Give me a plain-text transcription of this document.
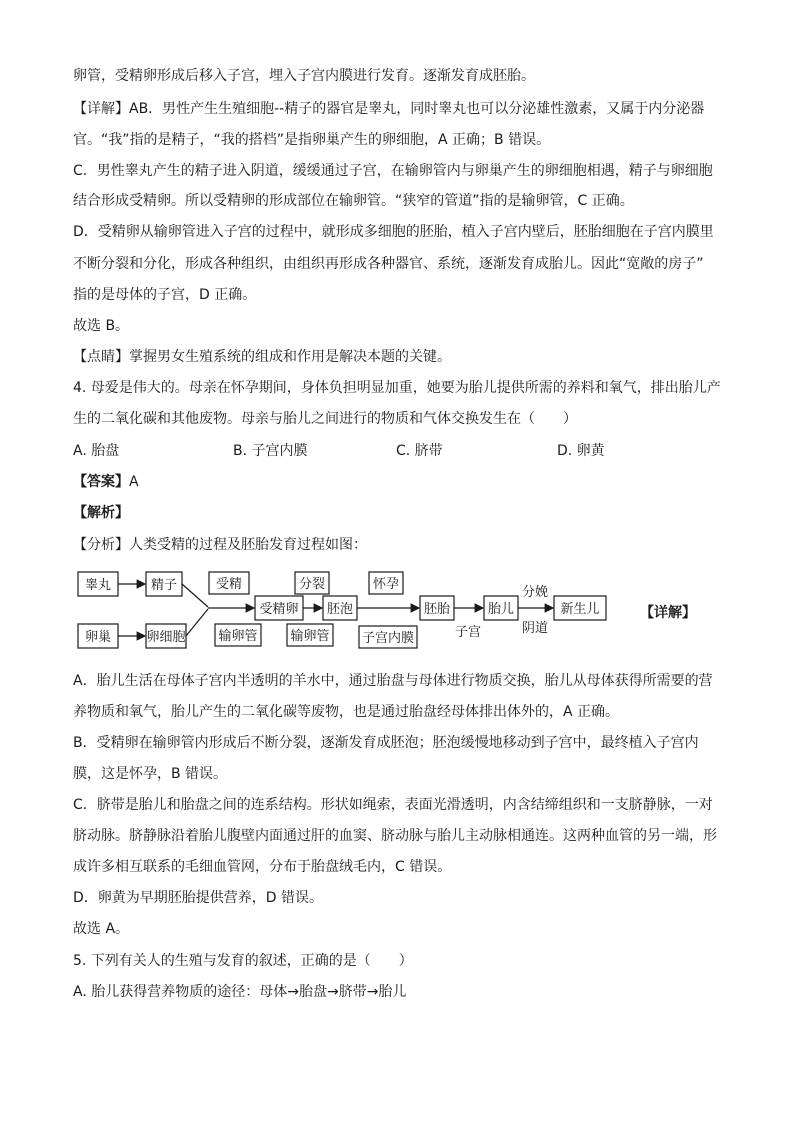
卵管，受精卵形成后移入子宫，埋入子宫内膜进行发育。逐渐发育成胚胎。
【详解】AB．男性产生生殖细胞--精子的器官是睾丸，同时睾丸也可以分泌雄性激素，又属于内分泌器
官。“我”指的是精子，“我的搭档”是指卵巢产生的卵细胞，A 正确；B 错误。
C．男性睾丸产生的精子进入阴道，缓缓通过子宫，在输卵管内与卵巢产生的卵细胞相遇，精子与卵细胞
结合形成受精卵。所以受精卵的形成部位在输卵管。“狭窄的管道”指的是输卵管，C 正确。
D．受精卵从输卵管进入子宫的过程中，就形成多细胞的胚胎，植入子宫内壁后，胚胎细胞在子宫内膜里
不断分裂和分化，形成各种组织，由组织再形成各种器官、系统，逐渐发育成胎儿。因此“宽敞的房子”
指的是母体的子宫，D 正确。
故选 B。
【点睛】掌握男女生殖系统的组成和作用是解决本题的关键。
4. 母爱是伟大的。母亲在怀孕期间，身体负担明显加重，她要为胎儿提供所需的养料和氧气，排出胎儿产
生的二氧化碳和其他废物。母亲与胎儿之间进行的物质和气体交换发生在（　　）
A. 胎盘	B. 子宫内膜	C. 脐带	D. 卵黄
【答案】A
【解析】
【分析】人类受精的过程及胚胎发育过程如图：
睾丸	精子
卵巢	卵细胞
受精
输卵管
受精卵
分裂
输卵管
胚泡
怀孕
子宫内膜
胚胎
子宫
胎儿
分娩
阴道
新生儿	【详解】
A．胎儿生活在母体子宫内半透明的羊水中，通过胎盘与母体进行物质交换，胎儿从母体获得所需要的营
养物质和氧气，胎儿产生的二氧化碳等废物，也是通过胎盘经母体排出体外的，A 正确。
B．受精卵在输卵管内形成后不断分裂，逐渐发育成胚泡；胚泡缓慢地移动到子宫中，最终植入子宫内
膜，这是怀孕，B 错误。
C．脐带是胎儿和胎盘之间的连系结构。形状如绳索，表面光滑透明，内含结缔组织和一支脐静脉，一对
脐动脉。脐静脉沿着胎儿腹壁内面通过肝的血窦、脐动脉与胎儿主动脉相通连。这两种血管的另一端，形
成许多相互联系的毛细血管网，分布于胎盘绒毛内，C 错误。
D．卵黄为早期胚胎提供营养，D 错误。
故选 A。
5. 下列有关人的生殖与发育的叙述，正确的是（　　）
A. 胎儿获得营养物质的途径：母体→胎盘→脐带→胎儿
